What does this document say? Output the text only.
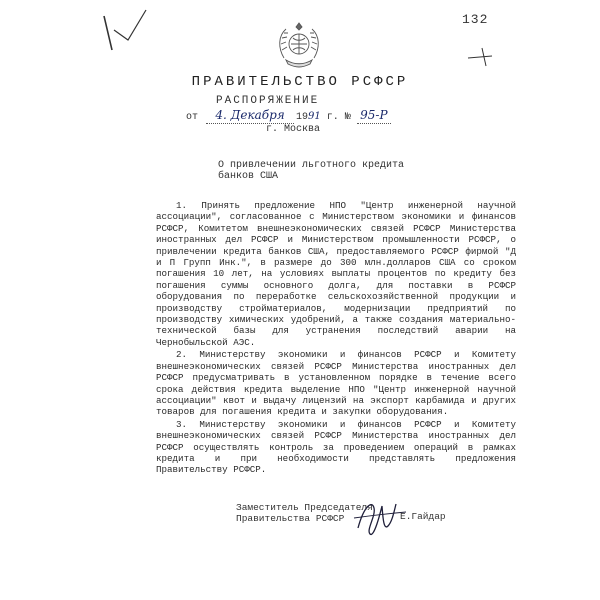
132
ПРАВИТЕЛЬСТВО РСФСР
РАСПОРЯЖЕНИЕ
от 4. Декабря 1991 г. № 95-Р
г. Москва
О привлечении льготного кредита
банков США

1. Принять предложение НПО "Центр инженерной научной ассоциации", согласованное с Министерством экономики и финансов РСФСР, Комитетом внешнеэкономических связей РСФСР Министерства иностранных дел РСФСР и Министерством промышленности РСФСР, о привлечении кредита банков США, предоставляемого РСФСР фирмой "Д и П Групп Инк.", в размере до 300 млн.долларов США со сроком погашения 10 лет, на условиях выплаты процентов по кредиту без погашения суммы основного долга, для поставки в РСФСР оборудования по переработке сельскохозяйственной продукции и производству стройматериалов, модернизации предприятий по производству химических удобрений, а также создания материально-технической базы для устранения последствий аварии на Чернобыльской АЭС.

2. Министерству экономики и финансов РСФСР и Комитету внешнеэкономических связей РСФСР Министерства иностранных дел РСФСР предусматривать в установленном порядке в течение всего срока действия кредита выделение НПО "Центр инженерной научной ассоциации" квот и выдачу лицензий на экспорт карбамида и других товаров для погашения кредита и закупки оборудования.

3. Министерству экономики и финансов РСФСР и Комитету внешнеэкономических связей РСФСР Министерства иностранных дел РСФСР осуществлять контроль за проведением операций в рамках кредита и при необходимости представлять предложения Правительству РСФСР.

Заместитель Председателя
Правительства РСФСР	Е.Гайдар
